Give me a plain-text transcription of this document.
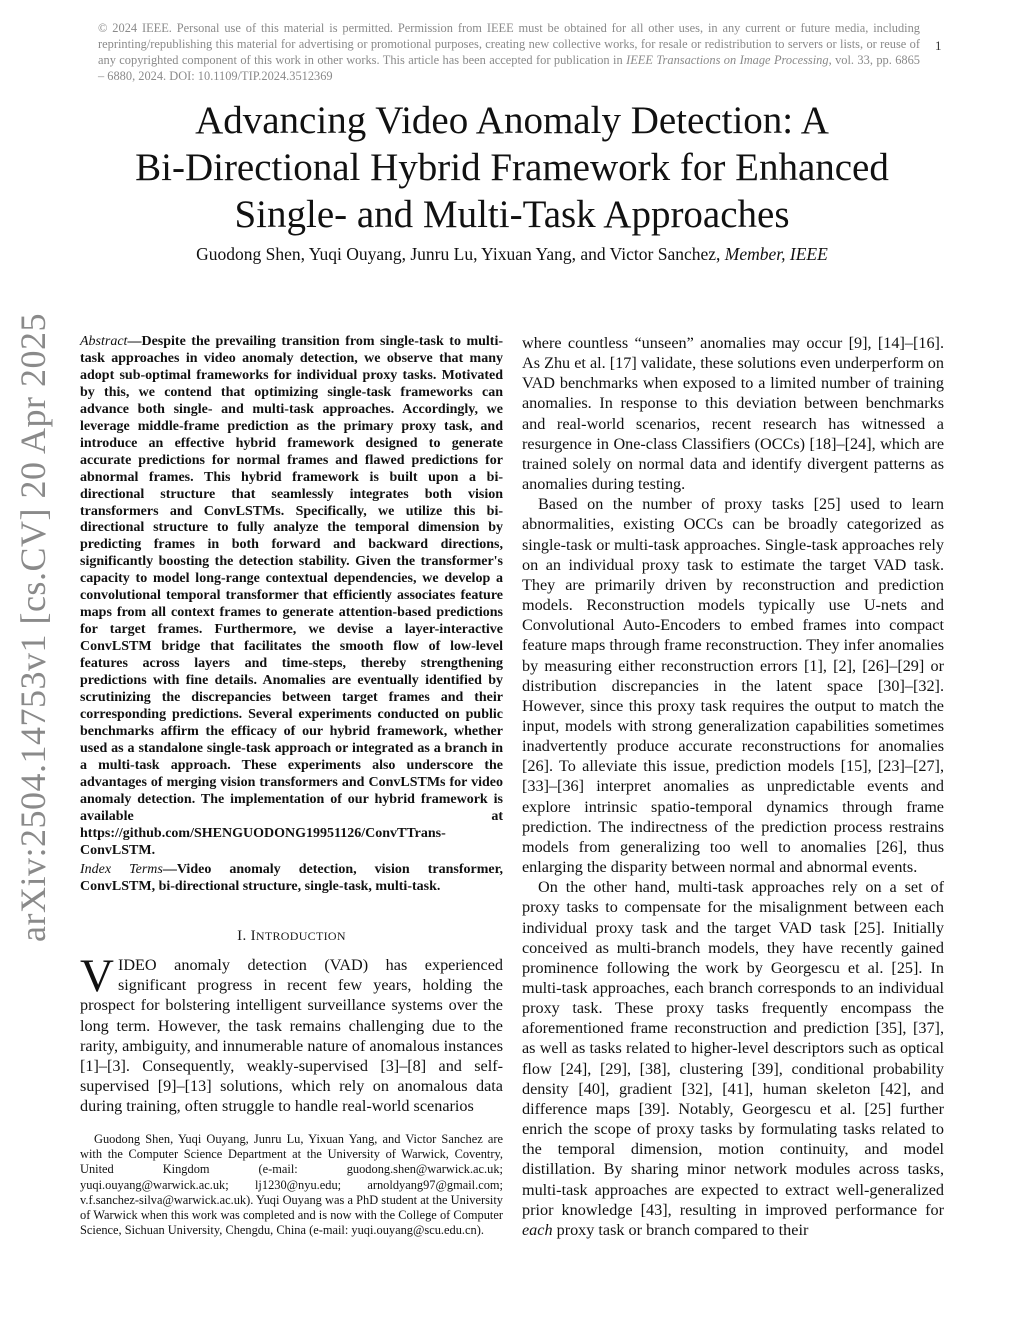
© 2024 IEEE. Personal use of this material is permitted. Permission from IEEE must be obtained for all other uses, in any current or future media, including reprinting/republishing this material for advertising or promotional purposes, creating new collective works, for resale or redistribution to servers or lists, or reuse of any copyrighted component of this work in other works. This article has been accepted for publication in IEEE Transactions on Image Processing, vol. 33, pp. 6865 – 6880, 2024. DOI: 10.1109/TIP.2024.3512369
1
arXiv:2504.14753v1 [cs.CV] 20 Apr 2025
Advancing Video Anomaly Detection: A
Bi-Directional Hybrid Framework for Enhanced
Single- and Multi-Task Approaches
Guodong Shen, Yuqi Ouyang, Junru Lu, Yixuan Yang, and Victor Sanchez, Member, IEEE
Abstract—Despite the prevailing transition from single-task to multi-task approaches in video anomaly detection, we observe that many adopt sub-optimal frameworks for individual proxy tasks. Motivated by this, we contend that optimizing single-task frameworks can advance both single- and multi-task approaches. Accordingly, we leverage middle-frame prediction as the primary proxy task, and introduce an effective hybrid framework designed to generate accurate predictions for normal frames and flawed predictions for abnormal frames. This hybrid framework is built upon a bi-directional structure that seamlessly integrates both vision transformers and ConvLSTMs. Specifically, we utilize this bi-directional structure to fully analyze the temporal dimension by predicting frames in both forward and backward directions, significantly boosting the detection stability. Given the transformer's capacity to model long-range contextual dependencies, we develop a convolutional temporal transformer that efficiently associates feature maps from all context frames to generate attention-based predictions for target frames. Furthermore, we devise a layer-interactive ConvLSTM bridge that facilitates the smooth flow of low-level features across layers and time-steps, thereby strengthening predictions with fine details. Anomalies are eventually identified by scrutinizing the discrepancies between target frames and their corresponding predictions. Several experiments conducted on public benchmarks affirm the efficacy of our hybrid framework, whether used as a standalone single-task approach or integrated as a branch in a multi-task approach. These experiments also underscore the advantages of merging vision transformers and ConvLSTMs for video anomaly detection. The implementation of our hybrid framework is available at https://github.com/SHENGUODONG19951126/ConvTTrans-ConvLSTM.
Index Terms—Video anomaly detection, vision transformer, ConvLSTM, bi-directional structure, single-task, multi-task.
I. INTRODUCTION
VIDEO anomaly detection (VAD) has experienced significant progress in recent few years, holding the prospect for bolstering intelligent surveillance systems over the long term. However, the task remains challenging due to the rarity, ambiguity, and innumerable nature of anomalous instances [1]–[3]. Consequently, weakly-supervised [3]–[8] and self-supervised [9]–[13] solutions, which rely on anomalous data during training, often struggle to handle real-world scenarios

Guodong Shen, Yuqi Ouyang, Junru Lu, Yixuan Yang, and Victor Sanchez are with the Computer Science Department at the University of Warwick, Coventry, United Kingdom (e-mail: guodong.shen@warwick.ac.uk; yuqi.ouyang@warwick.ac.uk; lj1230@nyu.edu; arnoldyang97@gmail.com; v.f.sanchez-silva@warwick.ac.uk). Yuqi Ouyang was a PhD student at the University of Warwick when this work was completed and is now with the College of Computer Science, Sichuan University, Chengdu, China (e-mail: yuqi.ouyang@scu.edu.cn).

where countless “unseen” anomalies may occur [9], [14]–[16]. As Zhu et al. [17] validate, these solutions even underperform on VAD benchmarks when exposed to a limited number of training anomalies. In response to this deviation between benchmarks and real-world scenarios, recent research has witnessed a resurgence in One-class Classifiers (OCCs) [18]–[24], which are trained solely on normal data and identify divergent patterns as anomalies during testing.

Based on the number of proxy tasks [25] used to learn abnormalities, existing OCCs can be broadly categorized as single-task or multi-task approaches. Single-task approaches rely on an individual proxy task to estimate the target VAD task. They are primarily driven by reconstruction and prediction models. Reconstruction models typically use U-nets and Convolutional Auto-Encoders to embed frames into compact feature maps through frame reconstruction. They infer anomalies by measuring either reconstruction errors [1], [2], [26]–[29] or distribution discrepancies in the latent space [30]–[32]. However, since this proxy task requires the output to match the input, models with strong generalization capabilities sometimes inadvertently produce accurate reconstructions for anomalies [26]. To alleviate this issue, prediction models [15], [23]–[27], [33]–[36] interpret anomalies as unpredictable events and explore intrinsic spatio-temporal dynamics through frame prediction. The indirectness of the prediction process restrains models from generalizing too well to anomalies [26], thus enlarging the disparity between normal and abnormal events.

On the other hand, multi-task approaches rely on a set of proxy tasks to compensate for the misalignment between each individual proxy task and the target VAD task [25]. Initially conceived as multi-branch models, they have recently gained prominence following the work by Georgescu et al. [25]. In multi-task approaches, each branch corresponds to an individual proxy task. These proxy tasks frequently encompass the aforementioned frame reconstruction and prediction [35], [37], as well as tasks related to higher-level descriptors such as optical flow [24], [29], [38], clustering [39], conditional probability density [40], gradient [32], [41], human skeleton [42], and difference maps [39]. Notably, Georgescu et al. [25] further enrich the scope of proxy tasks by formulating tasks related to the temporal dimension, motion continuity, and model distillation. By sharing minor network modules across tasks, multi-task approaches are expected to extract well-generalized prior knowledge [43], resulting in improved performance for each proxy task or branch compared to their
